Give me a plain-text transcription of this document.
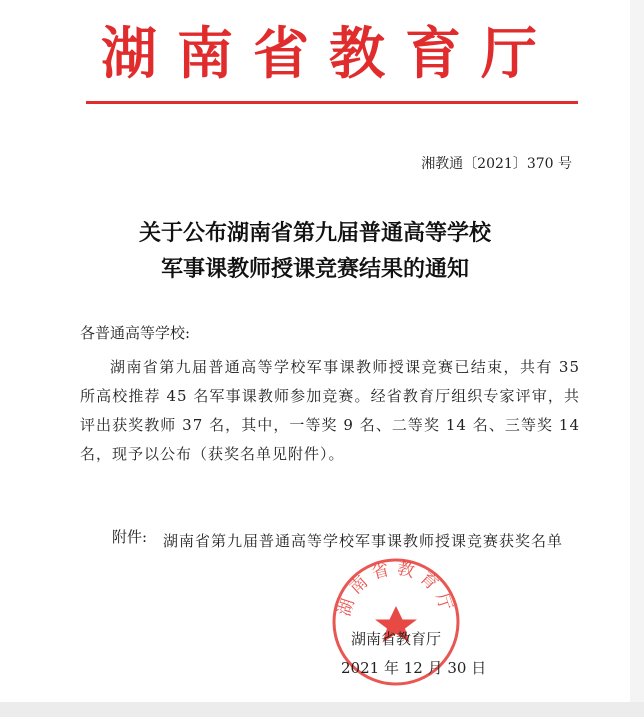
湖南省教育厅
湘教通〔2021〕370 号
关于公布湖南省第九届普通高等学校
军事课教师授课竞赛结果的通知
各普通高等学校:
湖南省第九届普通高等学校军事课教师授课竞赛已结束，共有 35 所高校推荐 45 名军事课教师参加竞赛。经省教育厅组织专家评审，共评出获奖教师 37 名，其中，一等奖 9 名、二等奖 14 名、三等奖 14 名，现予以公布（获奖名单见附件）。
附件: 湖南省第九届普通高等学校军事课教师授课竞赛获奖名单
湖南省教育厅
湖南省教育厅
2021 年 12 月 30 日
